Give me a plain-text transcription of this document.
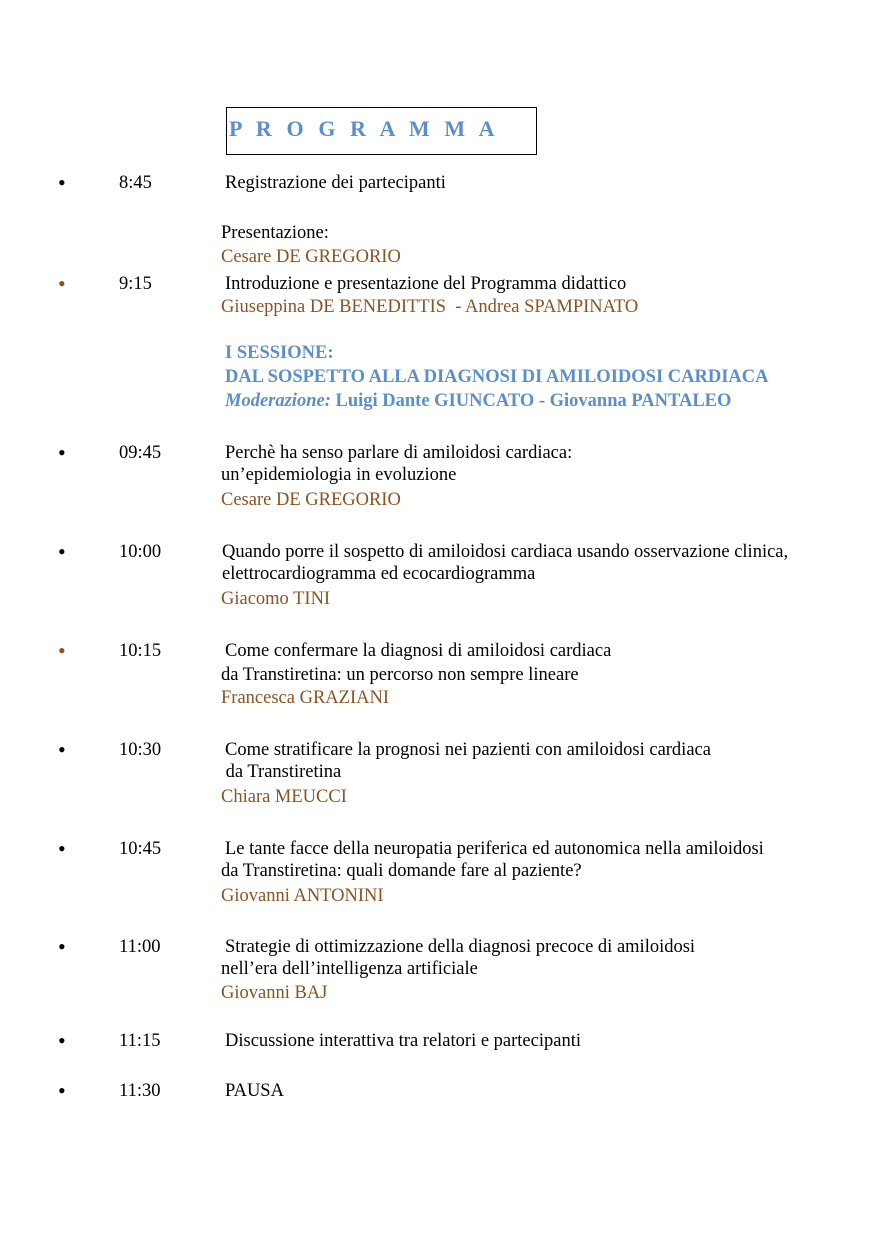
P R O G R A M M A
•	8:45	Registrazione dei partecipanti
Presentazione:
Cesare DE GREGORIO
•	9:15	Introduzione e presentazione del Programma didattico
Giuseppina DE BENEDITTIS  - Andrea SPAMPINATO
I SESSIONE:
DAL SOSPETTO ALLA DIAGNOSI DI AMILOIDOSI CARDIACA
Moderazione: Luigi Dante GIUNCATO - Giovanna PANTALEO
•	09:45	Perchè ha senso parlare di amiloidosi cardiaca:
un’epidemiologia in evoluzione
Cesare DE GREGORIO
•	10:00	Quando porre il sospetto di amiloidosi cardiaca usando osservazione clinica,
elettrocardiogramma ed ecocardiogramma
Giacomo TINI
•	10:15	Come confermare la diagnosi di amiloidosi cardiaca
da Transtiretina: un percorso non sempre lineare
Francesca GRAZIANI
•	10:30	Come stratificare la prognosi nei pazienti con amiloidosi cardiaca
da Transtiretina
Chiara MEUCCI
•	10:45	Le tante facce della neuropatia periferica ed autonomica nella amiloidosi
da Transtiretina: quali domande fare al paziente?
Giovanni ANTONINI
•	11:00	Strategie di ottimizzazione della diagnosi precoce di amiloidosi
nell’era dell’intelligenza artificiale
Giovanni BAJ
•	11:15	Discussione interattiva tra relatori e partecipanti
•	11:30	PAUSA
